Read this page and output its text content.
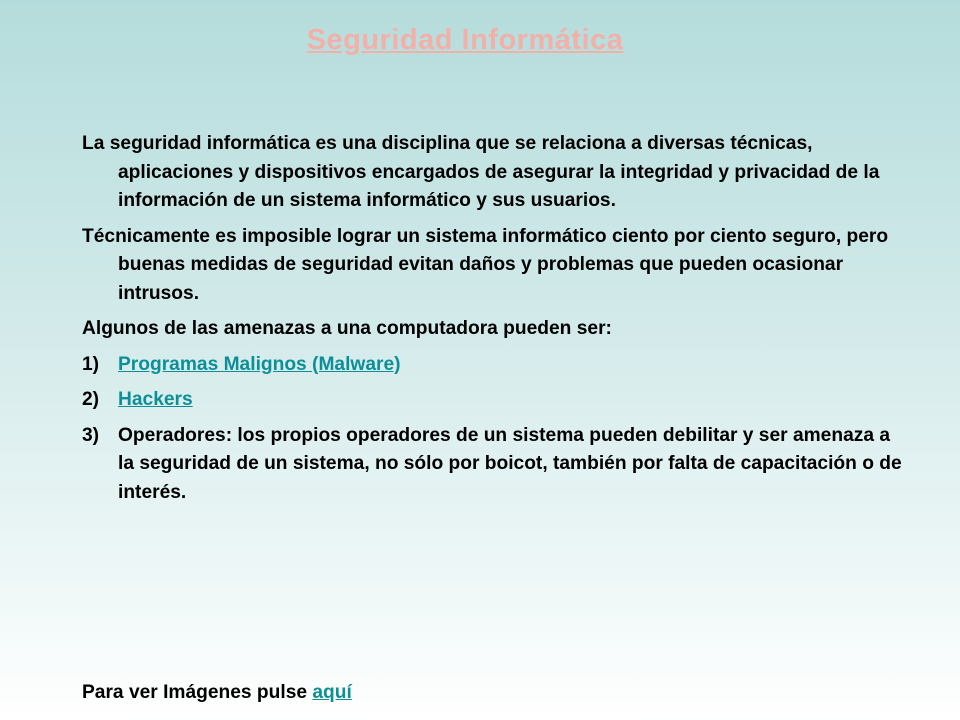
Seguridad Informática

La seguridad informática es una disciplina que se relaciona a diversas técnicas, aplicaciones y dispositivos encargados de asegurar la integridad y privacidad de la información de un sistema informático y sus usuarios.

Técnicamente es imposible lograr un sistema informático ciento por ciento seguro, pero buenas medidas de seguridad evitan daños y problemas que pueden ocasionar intrusos.

Algunos de las amenazas a una computadora pueden ser:

1) Programas Malignos (Malware)
2) Hackers
3) Operadores: los propios operadores de un sistema pueden debilitar y ser amenaza a la seguridad de un sistema, no sólo por boicot, también por falta de capacitación o de interés.
Para ver Imágenes pulse aquí
